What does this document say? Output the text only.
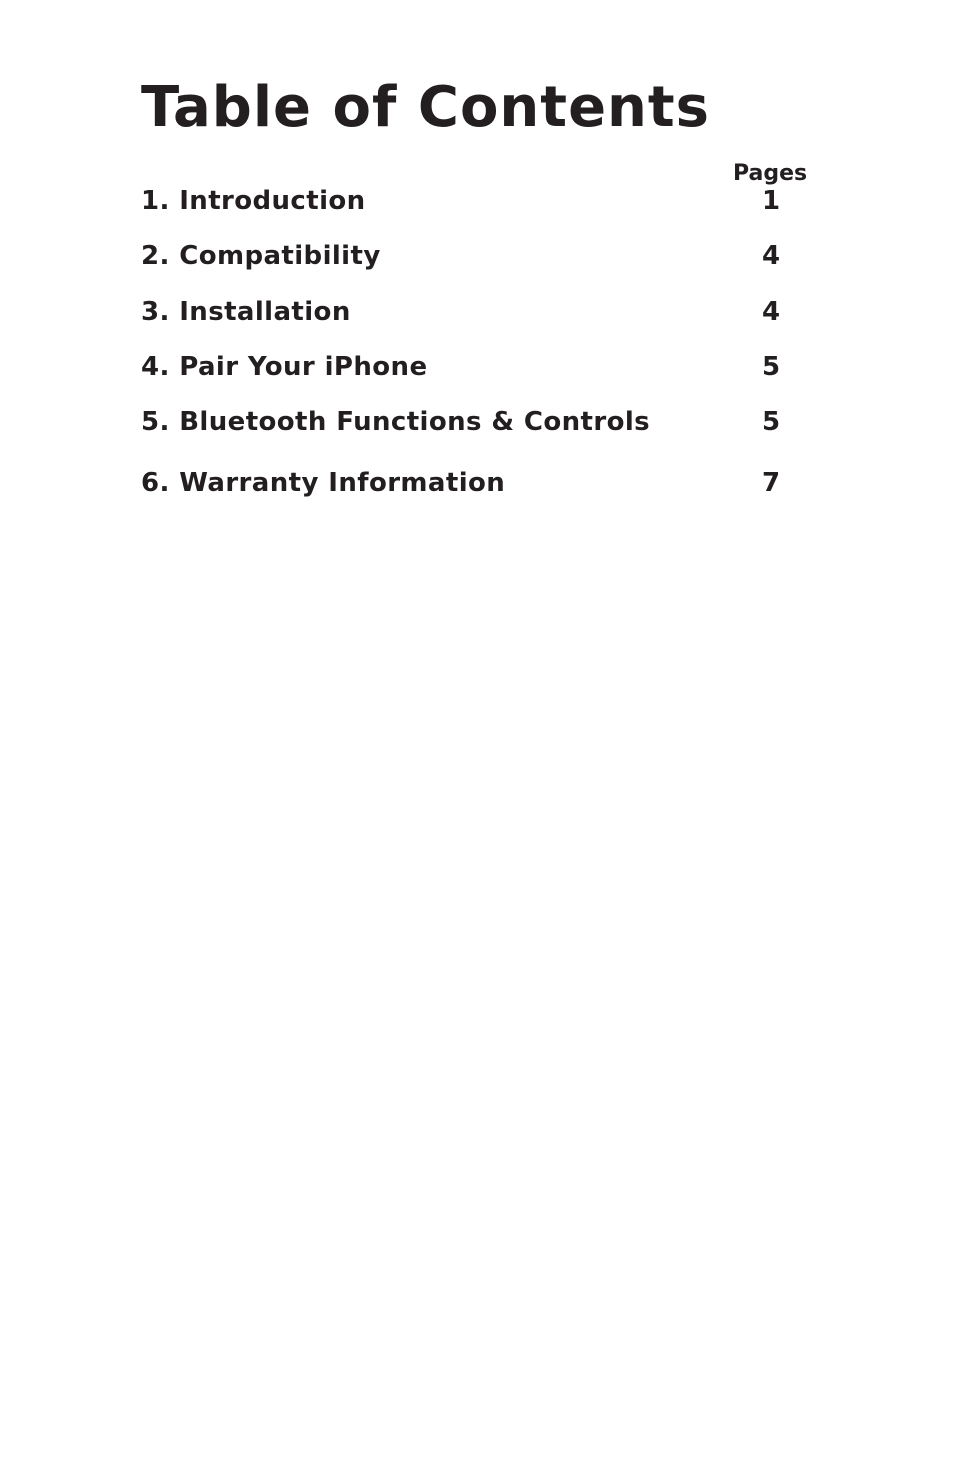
Table of Contents
Pages
1. Introduction	1
2. Compatibility	4
3. Installation	4
4. Pair Your iPhone	5
5. Bluetooth Functions & Controls	5
6. Warranty Information	7
